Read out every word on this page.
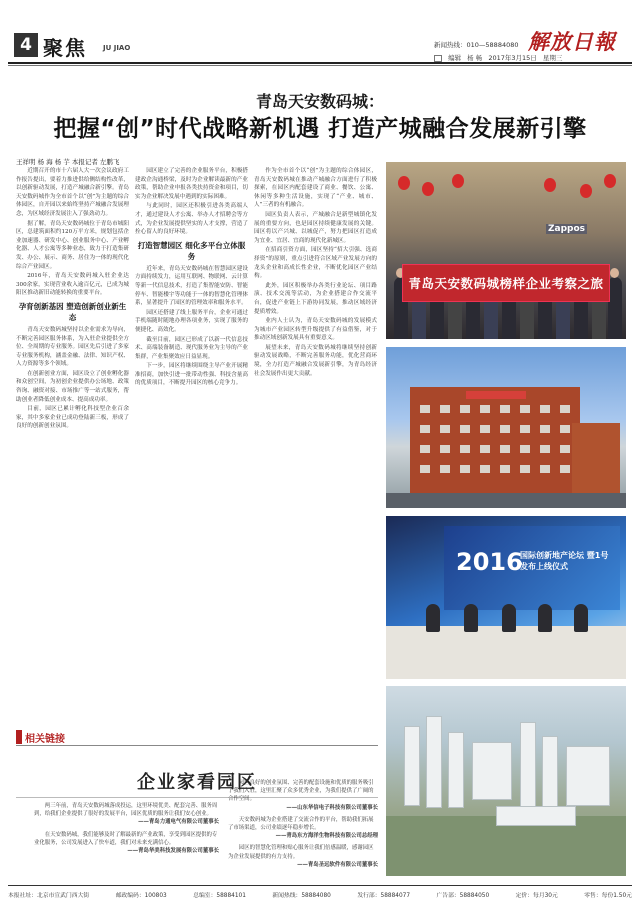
4 聚焦 JU JIAO	新闻热线：010—58884080 解放日報
编辑 杨 畅 2017年3月15日 星期三
青岛天安数码城：
把握“创”时代战略新机遇 打造产城融合发展新引擎
王祥明 杨 海 杨 芋 本报记者 左鹏飞

近期召开的市十六届人大一次会议政府工作报告提出，要着力推进供给侧结构性改革，以创新驱动发展，打造产城融合新引擎。青岛天安数码城作为全市首个以“创”为主题的综合体园区，自开园以来始终坚持产城融合发展理念，为区域经济发展注入了强劲动力。

据了解，青岛天安数码城位于青岛市城阳区，总建筑面积约120万平方米，规划包括企业加速器、研发中心、创业服务中心、产业孵化器、人才公寓等多种业态，致力于打造集研发、办公、展示、商务、居住为一体的现代化综合产业园区。

2016年，青岛天安数码城入驻企业达300余家，实现营业收入逾百亿元，已成为城阳区推动新旧动能转换的重要平台。

孕育创新基因 塑造创新创业新生态

青岛天安数码城坚持以企业需求为导向，不断完善园区服务体系，为入驻企业提供全方位、全周期的专业服务。园区先后引进了多家专业服务机构，涵盖金融、法律、知识产权、人力资源等多个领域。

在创新创业方面，园区设立了创业孵化器和众创空间，为初创企业提供办公场地、政策咨询、融资对接、市场推广等一站式服务，帮助创业者降低创业成本、提高成功率。

目前，园区已累计孵化科技型企业百余家，其中多家企业已成功登陆新三板，形成了良好的创新创业氛围。

园区建立了完善的企业服务平台，积极搭建政企沟通桥梁，及时为企业解读最新的产业政策，帮助企业申报各类扶持资金和项目，切实为企业解决发展中遇到的实际困难。

与此同时，园区还积极引进各类高端人才，通过建设人才公寓、举办人才招聘会等方式，为企业发展提供坚实的人才支撑，营造了拴心留人的良好环境。

打造智慧园区 细化多平台立体服务

近年来，青岛天安数码城在智慧园区建设方面持续发力，运用互联网、物联网、云计算等新一代信息技术，打造了集智能安防、智能停车、智能楼宇等功能于一体的智慧化管理体系，显著提升了园区的管理效率和服务水平。

园区还搭建了线上服务平台，企业可通过手机端随时随地办理各项业务，实现了服务的便捷化、高效化。

截至目前，园区已形成了以新一代信息技术、高端装备制造、现代服务业为主导的产业集群，产业集聚效应日益显现。

下一步，园区将继续围绕主导产业开展精准招商，加快引进一批带动性强、科技含量高的优质项目，不断提升园区的核心竞争力。

作为全市首个以“创”为主题的综合体园区，青岛天安数码城在推动产城融合方面进行了积极探索，在园区内配套建设了商业、餐饮、公寓、休闲等多种生活设施，实现了“产业、城市、人”三者的有机融合。

园区负责人表示，产城融合是新型城镇化发展的重要方向，也是园区持续健康发展的关键。园区将以产兴城、以城促产，努力把园区打造成为宜业、宜居、宜商的现代化新城区。

在招商引资方面，园区坚持“招大引强、选商择资”的原则，重点引进符合区域产业发展方向的龙头企业和高成长性企业，不断优化园区产业结构。

此外，园区积极举办各类行业论坛、项目路演、技术交流等活动，为企业搭建合作交流平台，促进产业链上下游协同发展，推动区域经济提质增效。

业内人士认为，青岛天安数码城的发展模式为城市产业园区转型升级提供了有益借鉴，对于推动区域创新发展具有重要意义。

展望未来，青岛天安数码城将继续坚持创新驱动发展战略，不断完善服务功能，优化营商环境，全力打造产城融合发展新引擎，为青岛经济社会发展作出更大贡献。

Zappos
青岛天安数码城榜样企业考察之旅
2016
国际创新地产论坛 暨1号发布上线仪式
相关链接
企业家看园区

两三年前，青岛天安数码城落成投运，这里环境优美、配套完善、服务周到，给我们企业提供了很好的发展平台，园区优质的服务让我们安心创业。

——青岛力通电气有限公司董事长

在天安数码城，我们能够及时了解最新的产业政策，享受到园区提供的专业化服务，公司发展进入了快车道，我们对未来充满信心。

——青岛华美科技发展有限公司董事长

园区良好的创业氛围、完善的配套设施和优质的服务吸引了我们入驻，这里汇聚了众多优秀企业，为我们提供了广阔的合作空间。

——山东华信电子科技有限公司董事长

天安数码城为企业搭建了交流合作的平台，帮助我们拓展了市场渠道，公司业绩逐年稳步增长。

——青岛东方海洋生物科技有限公司总经理

园区的智慧化管理和贴心服务让我们倍感温暖，感谢园区为企业发展提供的有力支持。

——青岛圣远软件有限公司董事长

本报社址：北京市宣武门西大街	邮政编码：100803	总编室：58884101	新闻热线：58884080	发行部：58884077	广告部：58884050	定价：每月30元	零售：每份1.50元
